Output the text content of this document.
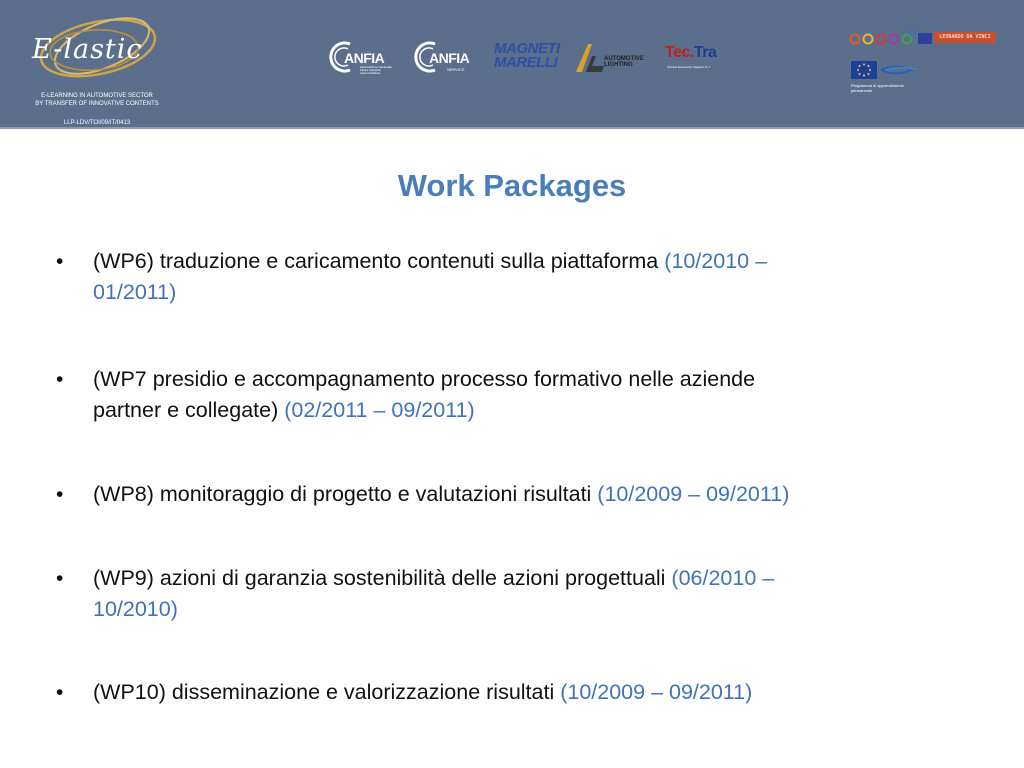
E-lastic
E-LEARNING IN AUTOMOTIVE SECTOR
BY TRANSFER OF INNOVATIVE CONTENTS
LLP-LDV/TOI/09/IT/0413
ANFIA
Associazione Nazionale Filiera Industria Automobilistica
ANFIA
SERVICE
MAGNETI
MARELLI	AUTOMOTIVE
LIGHTING
Tec.Tra
Tecnica Economia Trasporti S.r.l.
LEONARDO DA VINCI
Programma di apprendimento
permanente
Work Packages
• (WP6) traduzione e caricamento contenuti sulla piattaforma (10/2010 –
01/2011)
• (WP7 presidio e accompagnamento processo formativo nelle aziende
partner e collegate) (02/2011 – 09/2011)
• (WP8) monitoraggio di progetto e valutazioni risultati (10/2009 – 09/2011)
• (WP9) azioni di garanzia sostenibilità delle azioni progettuali (06/2010 –
10/2010)
• (WP10) disseminazione e valorizzazione risultati (10/2009 – 09/2011)
